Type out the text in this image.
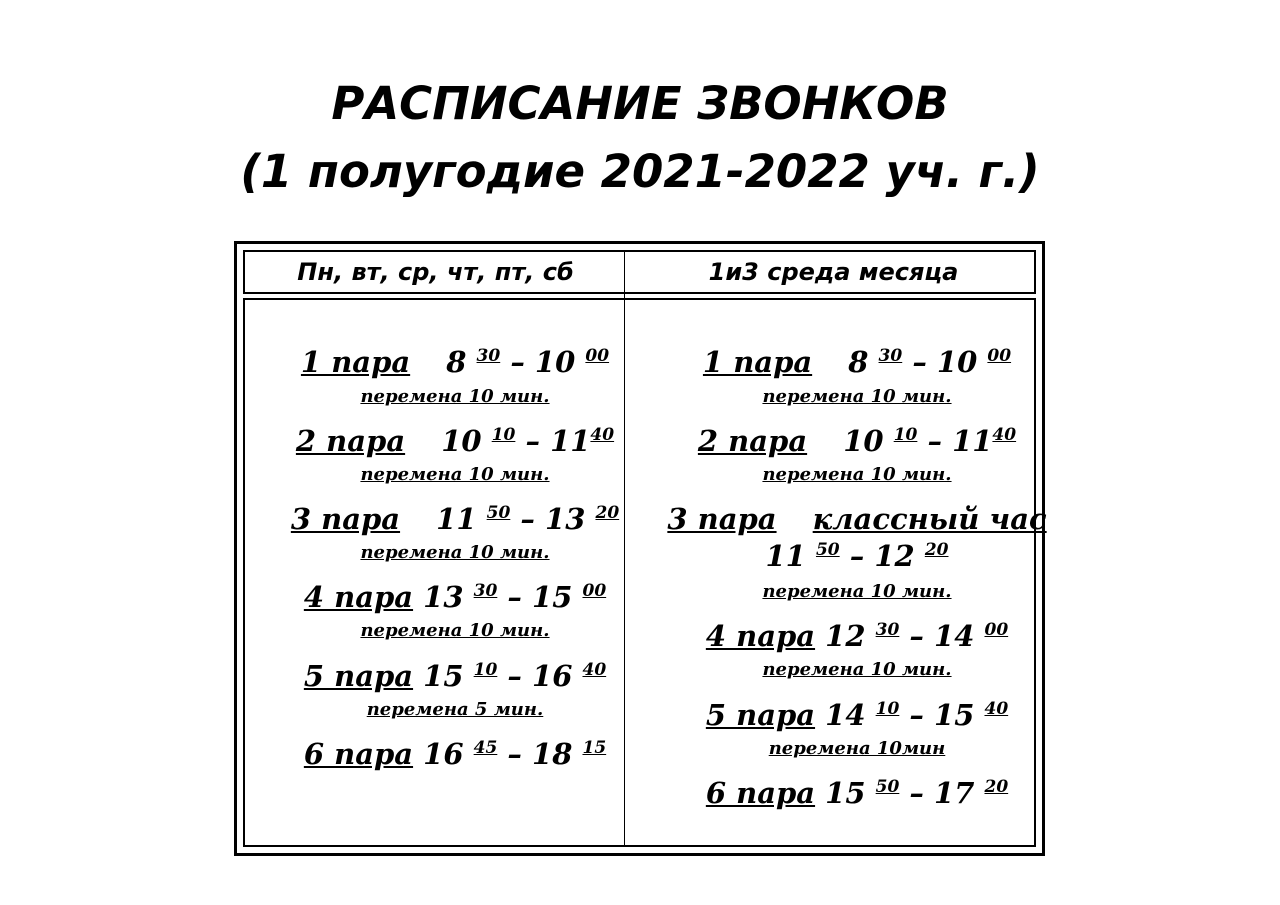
РАСПИСАНИЕ ЗВОНКОВ
(1 полугодие 2021-2022 уч. г.)
Пн, вт, ср, чт, пт, сб	1и3 среда месяца
1 пара 8 $^{30}$ – 10 $^{00}$
перемена 10 мин.
2 пара 10 $^{10} - 11^{40}$
перемена 10 мин.
3 пара 11 $^{50}$ – 13 $^{20}$
перемена 10 мин.
4 пара 13 $^{30}$ – 15 $^{00}$
перемена 10 мин.
5 пара 15 $^{10}$ – 16 $^{40}$
перемена 5 мин.
6 пара 16 $^{45}$ – 18 $^{15}$
1 пара 8 $^{30}$ – 10 $^{00}$
перемена 10 мин.
2 пара 10 $^{10} - 11^{40}$
перемена 10 мин.
3 пара классный час
11 $^{50}$ – 12 $^{20}$
перемена 10 мин.
4 пара 12 $^{30}$ – 14 $^{00}$
перемена 10 мин.
5 пара 14 $^{10}$ – 15 $^{40}$
перемена 10мин
6 пара 15 $^{50}$ – 17 $^{20}$
